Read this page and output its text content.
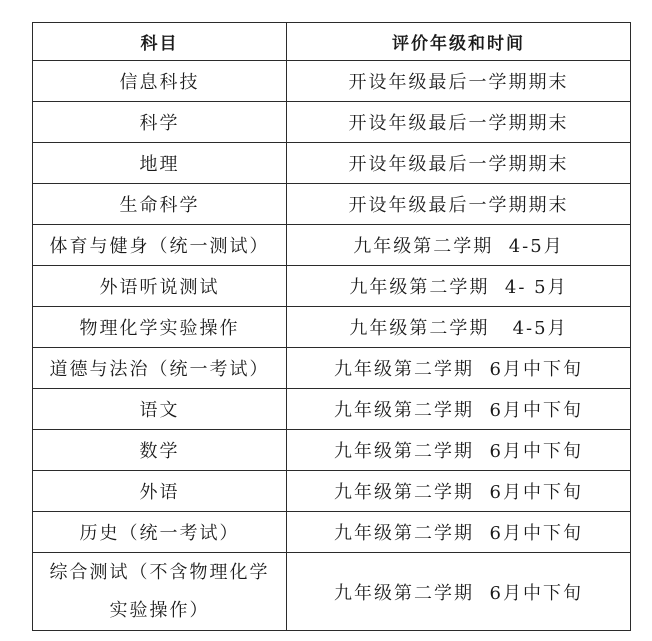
科目	评价年级和时间
信息科技	开设年级最后一学期期末
科学	开设年级最后一学期期末
地理	开设年级最后一学期期末
生命科学	开设年级最后一学期期末
体育与健身（统一测试）	九年级第二学期  4-5月
外语听说测试	九年级第二学期  4- 5月
物理化学实验操作	九年级第二学期   4-5月
道德与法治（统一考试）	九年级第二学期  6月中下旬
语文	九年级第二学期  6月中下旬
数学	九年级第二学期  6月中下旬
外语	九年级第二学期  6月中下旬
历史（统一考试）	九年级第二学期  6月中下旬
综合测试（不含物理化学实验操作）	九年级第二学期  6月中下旬
